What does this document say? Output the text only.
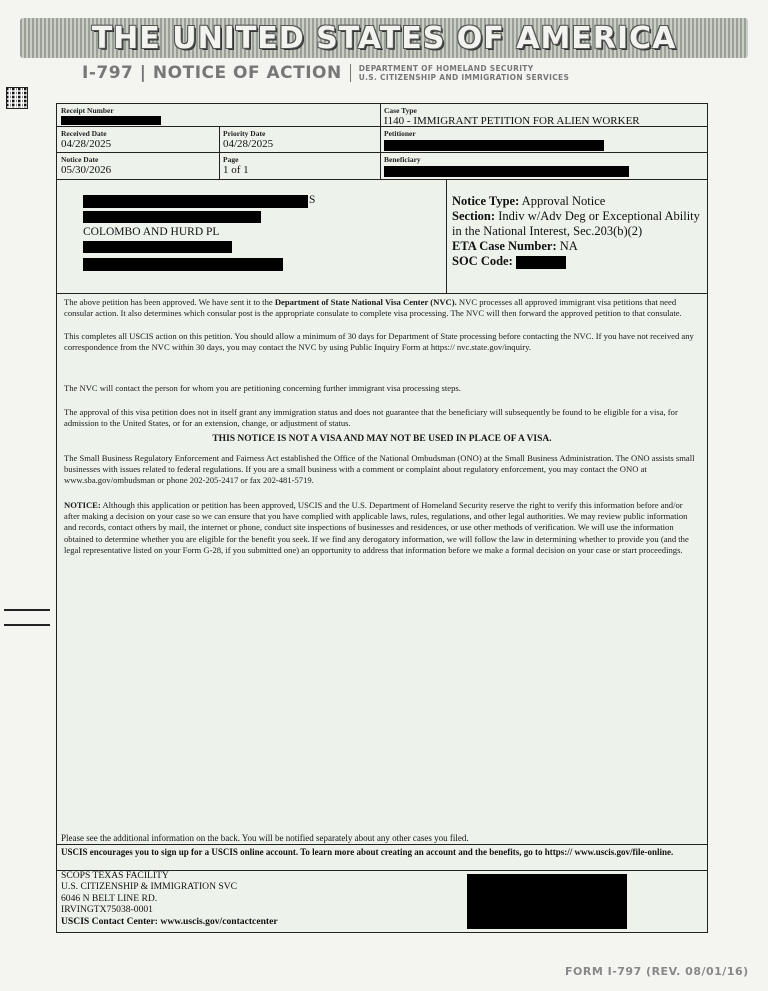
THE UNITED STATES OF AMERICA
I-797 | NOTICE OF ACTION DEPARTMENT OF HOMELAND SECURITY
U.S. CITIZENSHIP AND IMMIGRATION SERVICES
Receipt Number	Case Type
I140 - IMMIGRANT PETITION FOR ALIEN WORKER
Received Date
04/28/2025
Priority Date
04/28/2025
Petitioner
Notice Date
05/30/2026
Page
1 of 1
Beneficiary
S
COLOMBO AND HURD PL
Notice Type: Approval Notice
Section: Indiv w/Adv Deg or Exceptional Ability in the National Interest, Sec.203(b)(2)
ETA Case Number: NA
SOC Code:
The above petition has been approved. We have sent it to the Department of State National Visa Center (NVC). NVC processes all approved immigrant visa petitions that need consular action. It also determines which consular post is the appropriate consulate to complete visa processing. The NVC will then forward the approved petition to that consulate.
This completes all USCIS action on this petition. You should allow a minimum of 30 days for Department of State processing before contacting the NVC. If you have not received any correspondence from the NVC within 30 days, you may contact the NVC by using Public Inquiry Form at https:// nvc.state.gov/inquiry.
The NVC will contact the person for whom you are petitioning concerning further immigrant visa processing steps.
The approval of this visa petition does not in itself grant any immigration status and does not guarantee that the beneficiary will subsequently be found to be eligible for a visa, for admission to the United States, or for an extension, change, or adjustment of status.
THIS NOTICE IS NOT A VISA AND MAY NOT BE USED IN PLACE OF A VISA.
The Small Business Regulatory Enforcement and Fairness Act established the Office of the National Ombudsman (ONO) at the Small Business Administration. The ONO assists small businesses with issues related to federal regulations. If you are a small business with a comment or complaint about regulatory enforcement, you may contact the ONO at www.sba.gov/ombudsman or phone 202-205-2417 or fax 202-481-5719.
NOTICE: Although this application or petition has been approved, USCIS and the U.S. Department of Homeland Security reserve the right to verify this information before and/or after making a decision on your case so we can ensure that you have complied with applicable laws, rules, regulations, and other legal authorities. We may review public information and records, contact others by mail, the internet or phone, conduct site inspections of businesses and residences, or use other methods of verification. We will use the information obtained to determine whether you are eligible for the benefit you seek. If we find any derogatory information, we will follow the law in determining whether to provide you (and the legal representative listed on your Form G-28, if you submitted one) an opportunity to address that information before we make a formal decision on your case or start proceedings.
Please see the additional information on the back. You will be notified separately about any other cases you filed.
USCIS encourages you to sign up for a USCIS online account. To learn more about creating an account and the benefits, go to https:// www.uscis.gov/file-online.
SCOPS TEXAS FACILITY
U.S. CITIZENSHIP & IMMIGRATION SVC
6046 N BELT LINE RD.
IRVINGTX75038-0001
USCIS Contact Center: www.uscis.gov/contactcenter
FORM I-797 (REV. 08/01/16)
